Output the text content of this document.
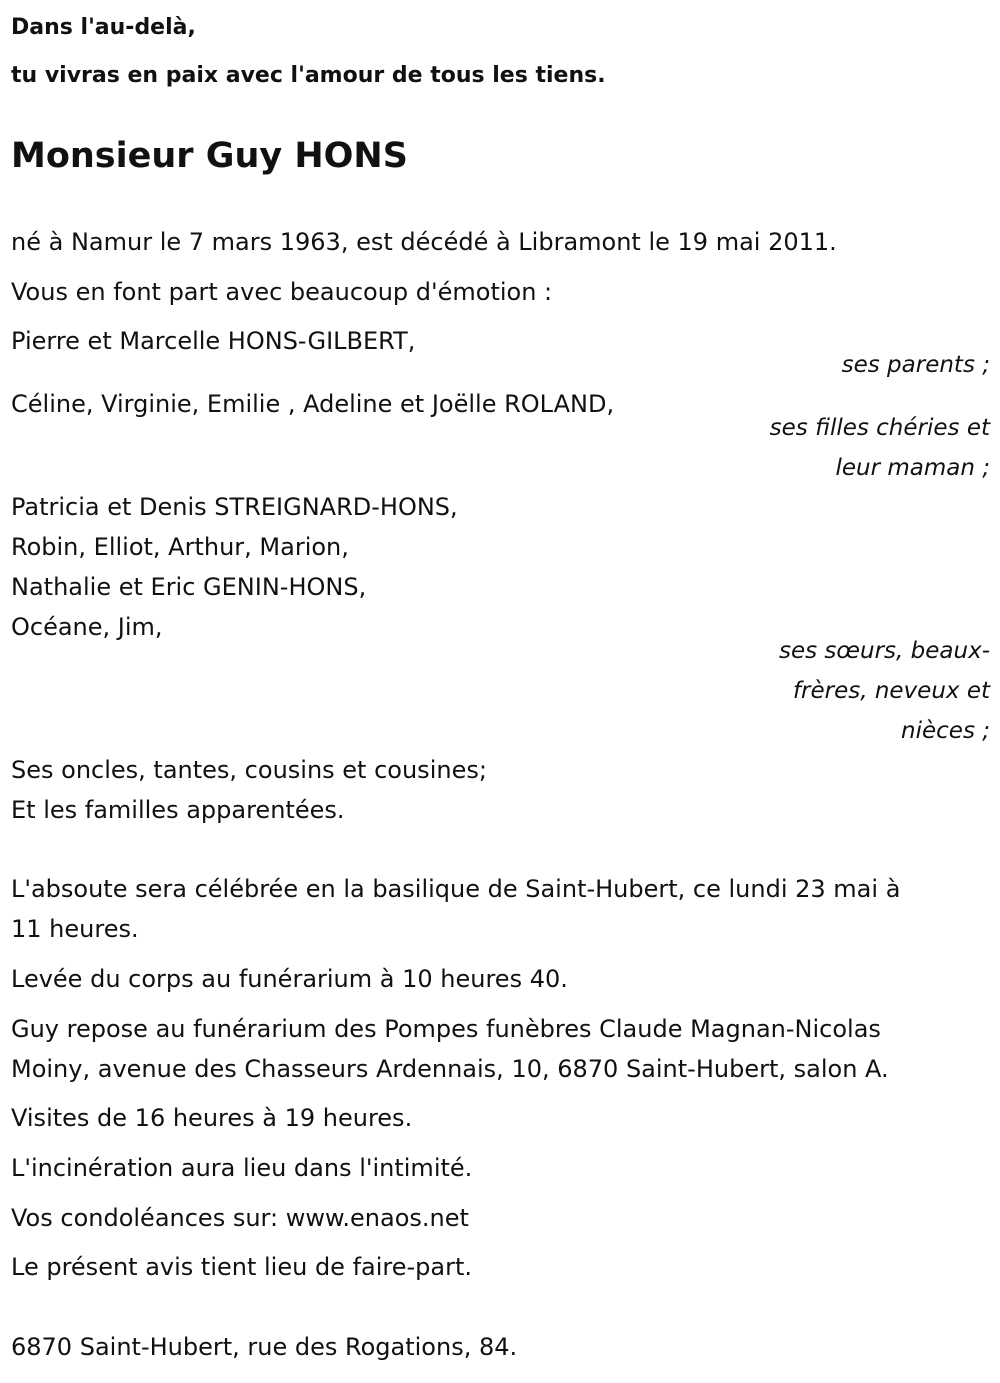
Dans l'au-delà,
tu vivras en paix avec l'amour de tous les tiens.
Monsieur Guy HONS
né à Namur le 7 mars 1963, est décédé à Libramont le 19 mai 2011.
Vous en font part avec beaucoup d'émotion :
Pierre et Marcelle HONS-GILBERT,
ses parents ;
Céline, Virginie, Emilie , Adeline et Joëlle ROLAND,
ses filles chéries et
leur maman ;
Patricia et Denis STREIGNARD-HONS,
Robin, Elliot, Arthur, Marion,
Nathalie et Eric GENIN-HONS,
Océane, Jim,
ses sœurs, beaux-
frères, neveux et
nièces ;
Ses oncles, tantes, cousins et cousines;
Et les familles apparentées.
L'absoute sera célébrée en la basilique de Saint-Hubert, ce lundi 23 mai à
11 heures.
Levée du corps au funérarium à 10 heures 40.
Guy repose au funérarium des Pompes funèbres Claude Magnan-Nicolas
Moiny, avenue des Chasseurs Ardennais, 10, 6870 Saint-Hubert, salon A.
Visites de 16 heures à 19 heures.
L'incinération aura lieu dans l'intimité.
Vos condoléances sur: www.enaos.net
Le présent avis tient lieu de faire-part.
6870 Saint-Hubert, rue des Rogations, 84.
